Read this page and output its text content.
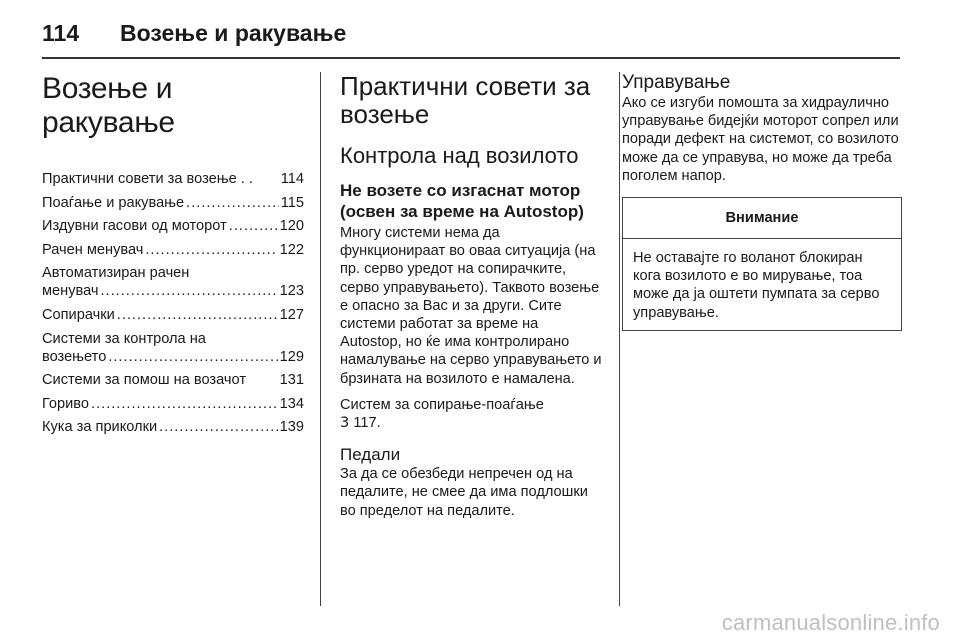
114 Возење и ракување
Возење и ракување
Практични совети за возење . . 114
Поаѓање и ракување .....	115
Издувни гасови од моторот .....	120
Рачен менувач .....	122
Автоматизиран рачен
менувач .....	123
Сопирачки .....	127
Системи за контрола на
возењето .....	129
Системи за помош на возачот 131
Гориво .....	134
Кука за приколки .....	139
Практични совети за возење
Контрола над возилото
Не возете со изгаснат мотор (освен за време на Autostop)

Многу системи нема да функционираат во оваа ситуација (на пр. серво уредот на сопирачките, серво управувањето). Таквото возење е опасно за Вас и за други. Сите системи работат за време на Autostop, но ќе има контролирано намалување на серво управувањето и брзината на возилото е намалена.

Систем за сопирање-поаѓање
3 117.

Педали

За да се обезбеди непречен од на педалите, не смее да има подлошки во пределот на педалите.

Управување

Ако се изгуби помошта за хидраулично управување бидејќи моторот сопрел или поради дефект на системот, со возилото може да се управува, но може да треба поголем напор.

Внимание
Не оставајте го воланот блокиран кога возилото е во мирување, тоа може да ја оштети пумпата за серво управување.
carmanualsonline.info
